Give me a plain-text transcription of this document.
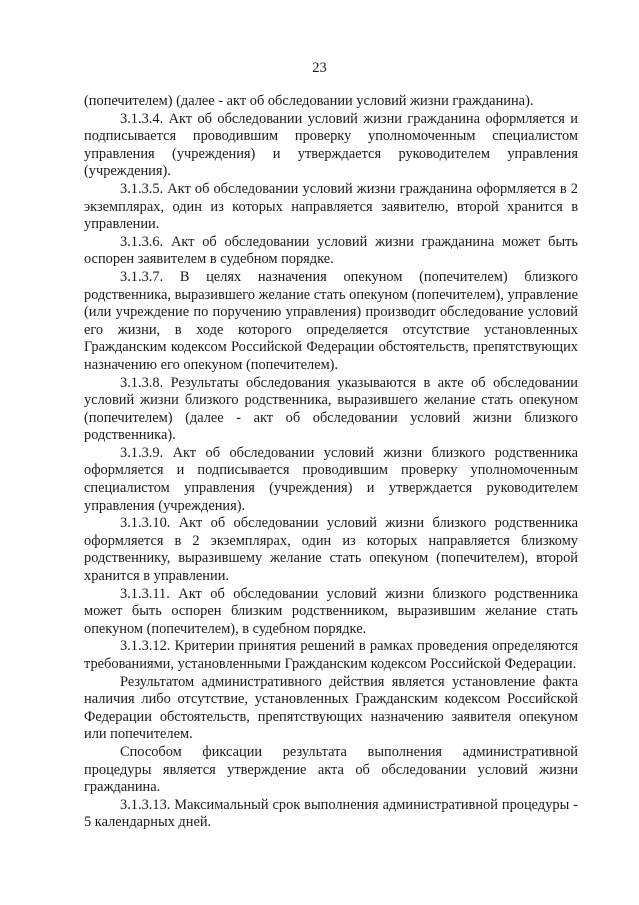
23

(попечителем) (далее - акт об обследовании условий жизни гражданина).

3.1.3.4. Акт об обследовании условий жизни гражданина оформляется и подписывается проводившим проверку уполномоченным специалистом управления (учреждения) и утверждается руководителем управления (учреждения).

3.1.3.5. Акт об обследовании условий жизни гражданина оформляется в 2 экземплярах, один из которых направляется заявителю, второй хранится в управлении.

3.1.3.6. Акт об обследовании условий жизни гражданина может быть оспорен заявителем в судебном порядке.

3.1.3.7. В целях назначения опекуном (попечителем) близкого родственника, выразившего желание стать опекуном (попечителем), управление (или учреждение по поручению управления) производит обследование условий его жизни, в ходе которого определяется отсутствие установленных Гражданским кодексом Российской Федерации обстоятельств, препятствующих назначению его опекуном (попечителем).

3.1.3.8. Результаты обследования указываются в акте об обследовании условий жизни близкого родственника, выразившего желание стать опекуном (попечителем) (далее - акт об обследовании условий жизни близкого родственника).

3.1.3.9. Акт об обследовании условий жизни близкого родственника оформляется и подписывается проводившим проверку уполномоченным специалистом управления (учреждения) и утверждается руководителем управления (учреждения).

3.1.3.10. Акт об обследовании условий жизни близкого родственника оформляется в 2 экземплярах, один из которых направляется близкому родственнику, выразившему желание стать опекуном (попечителем), второй хранится в управлении.

3.1.3.11. Акт об обследовании условий жизни близкого родственника может быть оспорен близким родственником, выразившим желание стать опекуном (попечителем), в судебном порядке.

3.1.3.12. Критерии принятия решений в рамках проведения определяются требованиями, установленными Гражданским кодексом Российской Федерации.

Результатом административного действия является установление факта наличия либо отсутствие, установленных Гражданским кодексом Российской Федерации обстоятельств, препятствующих назначению заявителя опекуном или попечителем.

Способом фиксации результата выполнения административной процедуры является утверждение акта об обследовании условий жизни гражданина.

3.1.3.13. Максимальный срок выполнения административной процедуры - 5 календарных дней.
